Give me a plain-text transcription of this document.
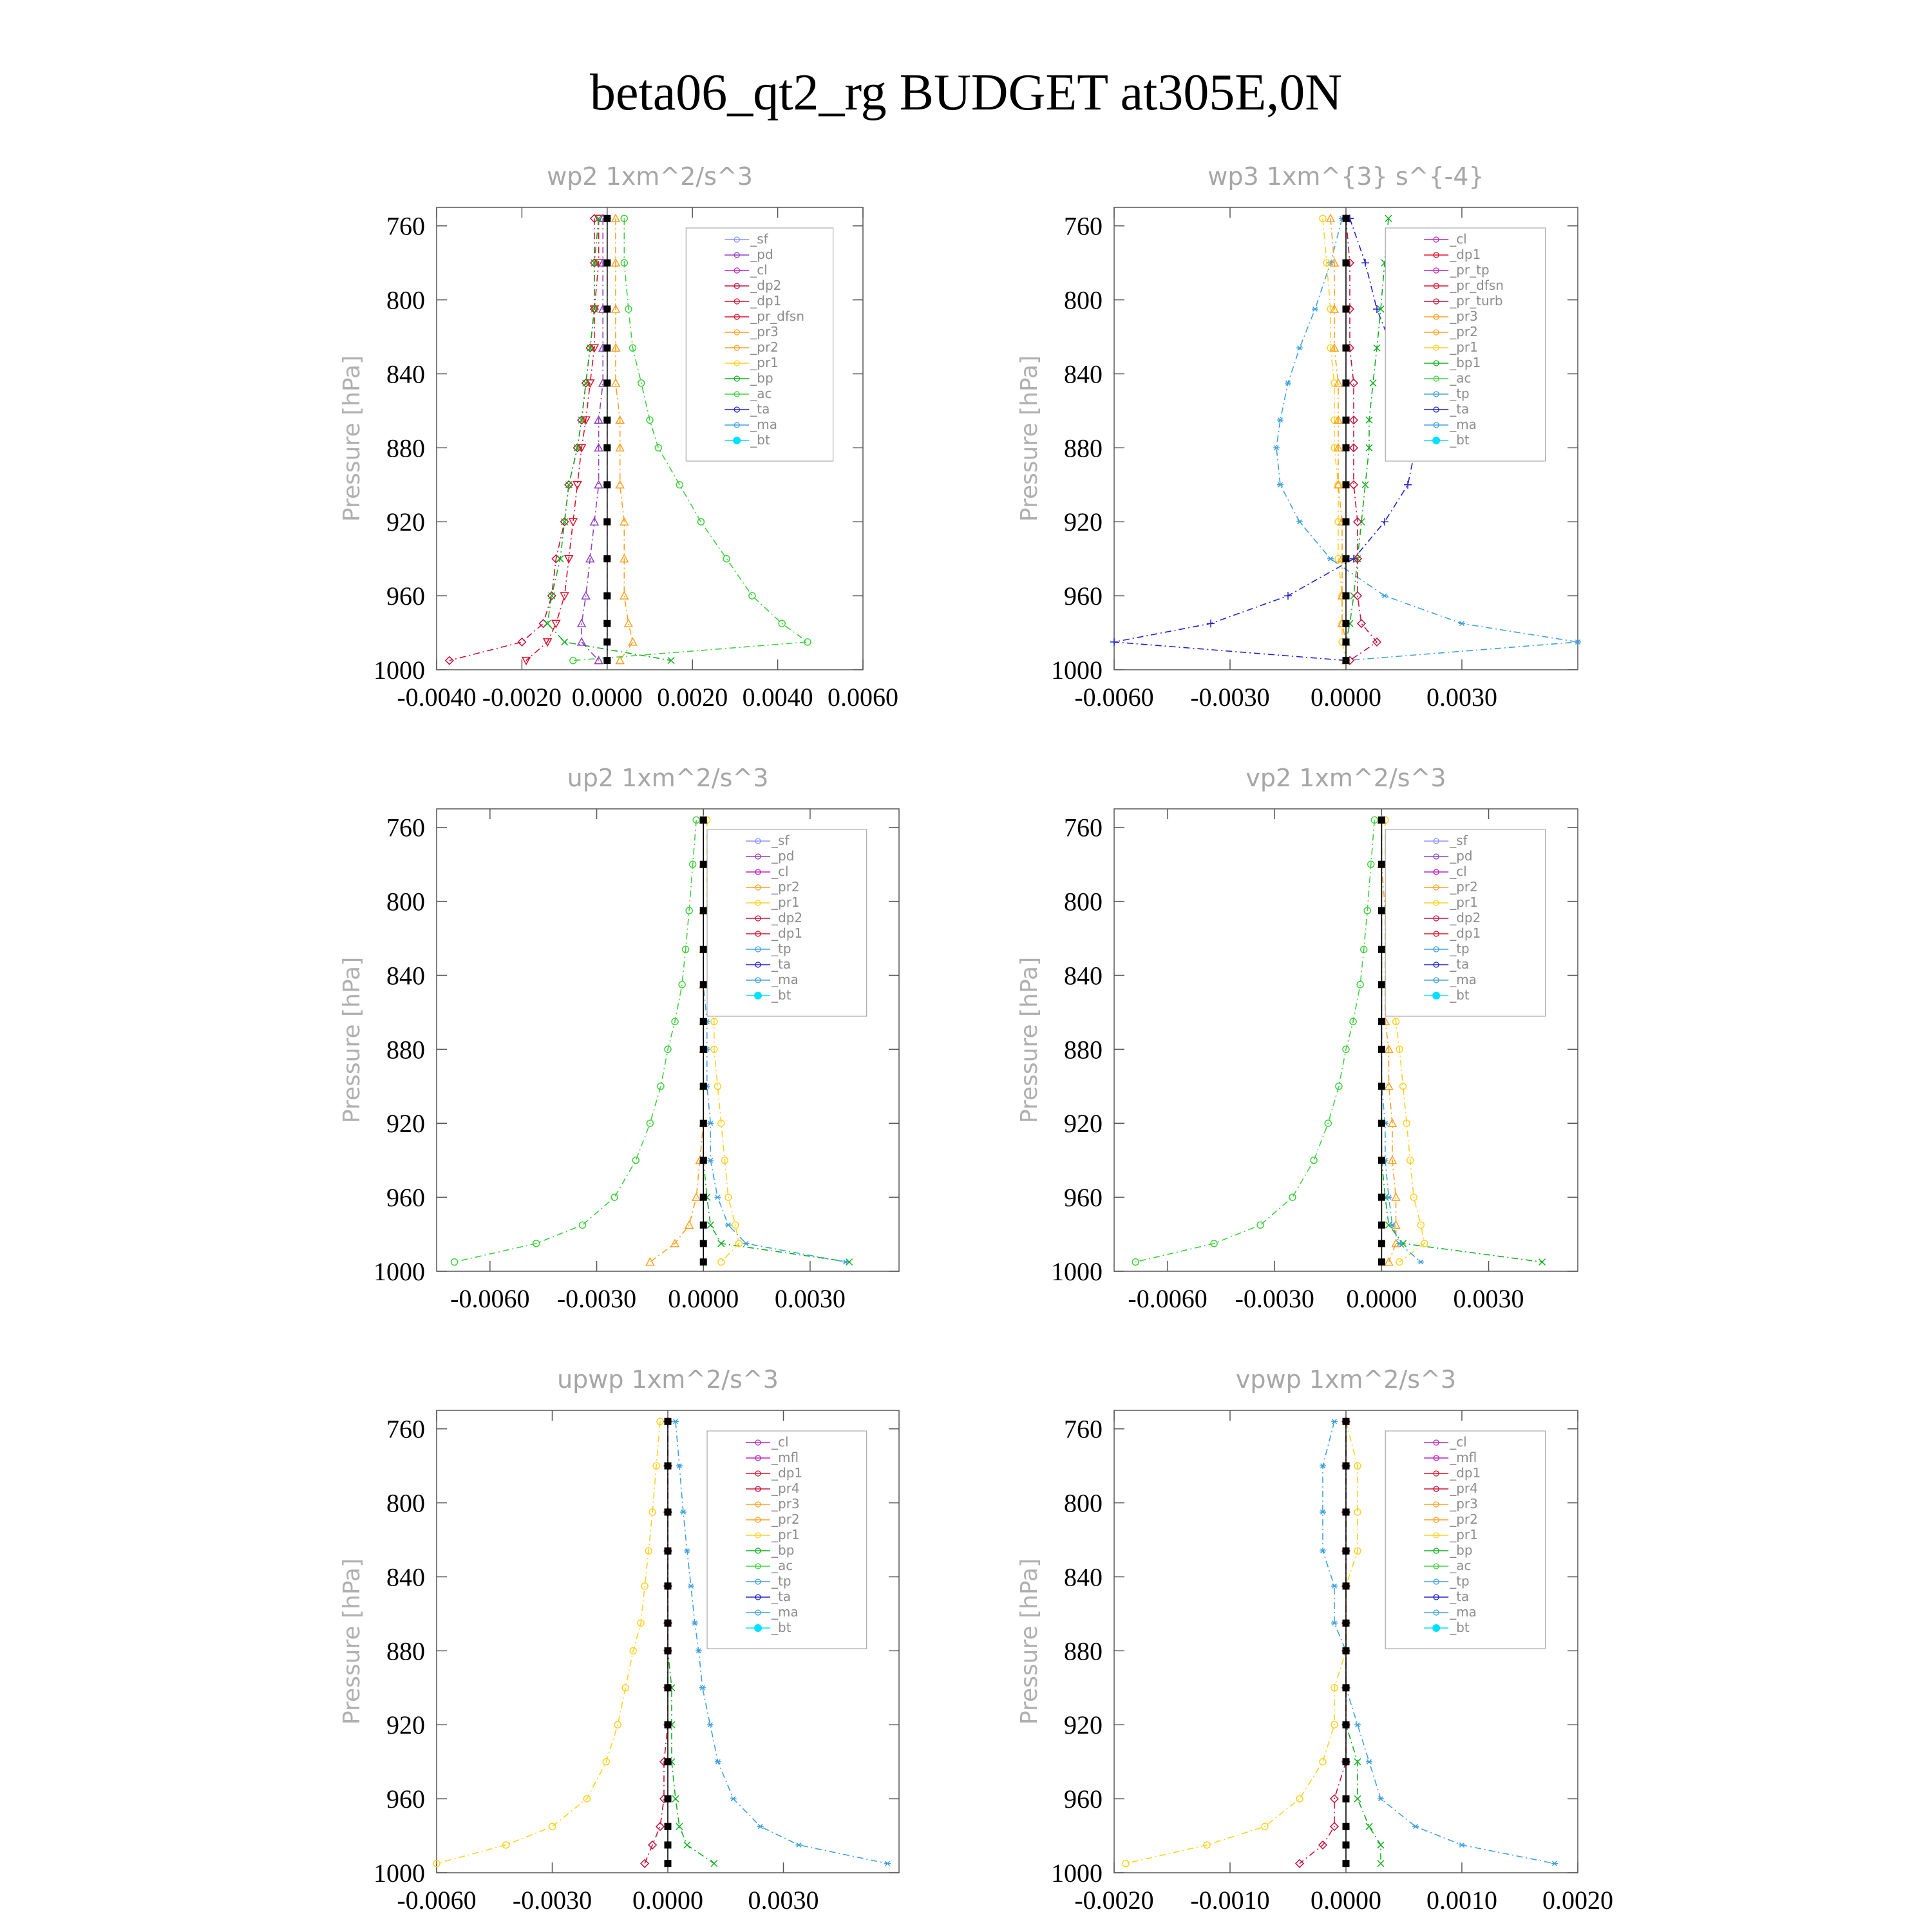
beta06_qt2_rg BUDGET at305E,0N
wp2 1xm^2/s^3
Pressure [hPa]
760
800
840
880
920
960
1000
-0.0040 -0.0020 0.0000 0.0020 0.0040 0.0060
_sf
_pd
_cl
_dp2
_dp1
_pr_dfsn
_pr3
_pr2
_pr1
_bp
_ac
_ta
_ma
_bt
wp3 1xm^{3} s^{-4}
Pressure [hPa]
760
800
840
880
920
960
1000
-0.0060 -0.0030 0.0000 0.0030
_cl
_dp1
_pr_tp
_pr_dfsn
_pr_turb
_pr3
_pr2
_pr1
_bp1
_ac
_tp
_ta
_ma
_bt
up2 1xm^2/s^3
Pressure [hPa]
760
800
840
880
920
960
1000
-0.0060 -0.0030 0.0000 0.0030
_sf
_pd
_cl
_pr2
_pr1
_dp2
_dp1
_tp
_ta
_ma
_bt
vp2 1xm^2/s^3
Pressure [hPa]
760
800
840
880
920
960
1000
-0.0060 -0.0030 0.0000 0.0030
_sf
_pd
_cl
_pr2
_pr1
_dp2
_dp1
_tp
_ta
_ma
_bt
upwp 1xm^2/s^3
Pressure [hPa]
760
800
840
880
920
960
1000
-0.0060 -0.0030 0.0000 0.0030
_cl
_mfl
_dp1
_pr4
_pr3
_pr2
_pr1
_bp
_ac
_tp
_ta
_ma
_bt
vpwp 1xm^2/s^3
Pressure [hPa]
760
800
840
880
920
960
1000
-0.0020 -0.0010 0.0000 0.0010 0.0020
_cl
_mfl
_dp1
_pr4
_pr3
_pr2
_pr1
_bp
_ac
_tp
_ta
_ma
_bt
